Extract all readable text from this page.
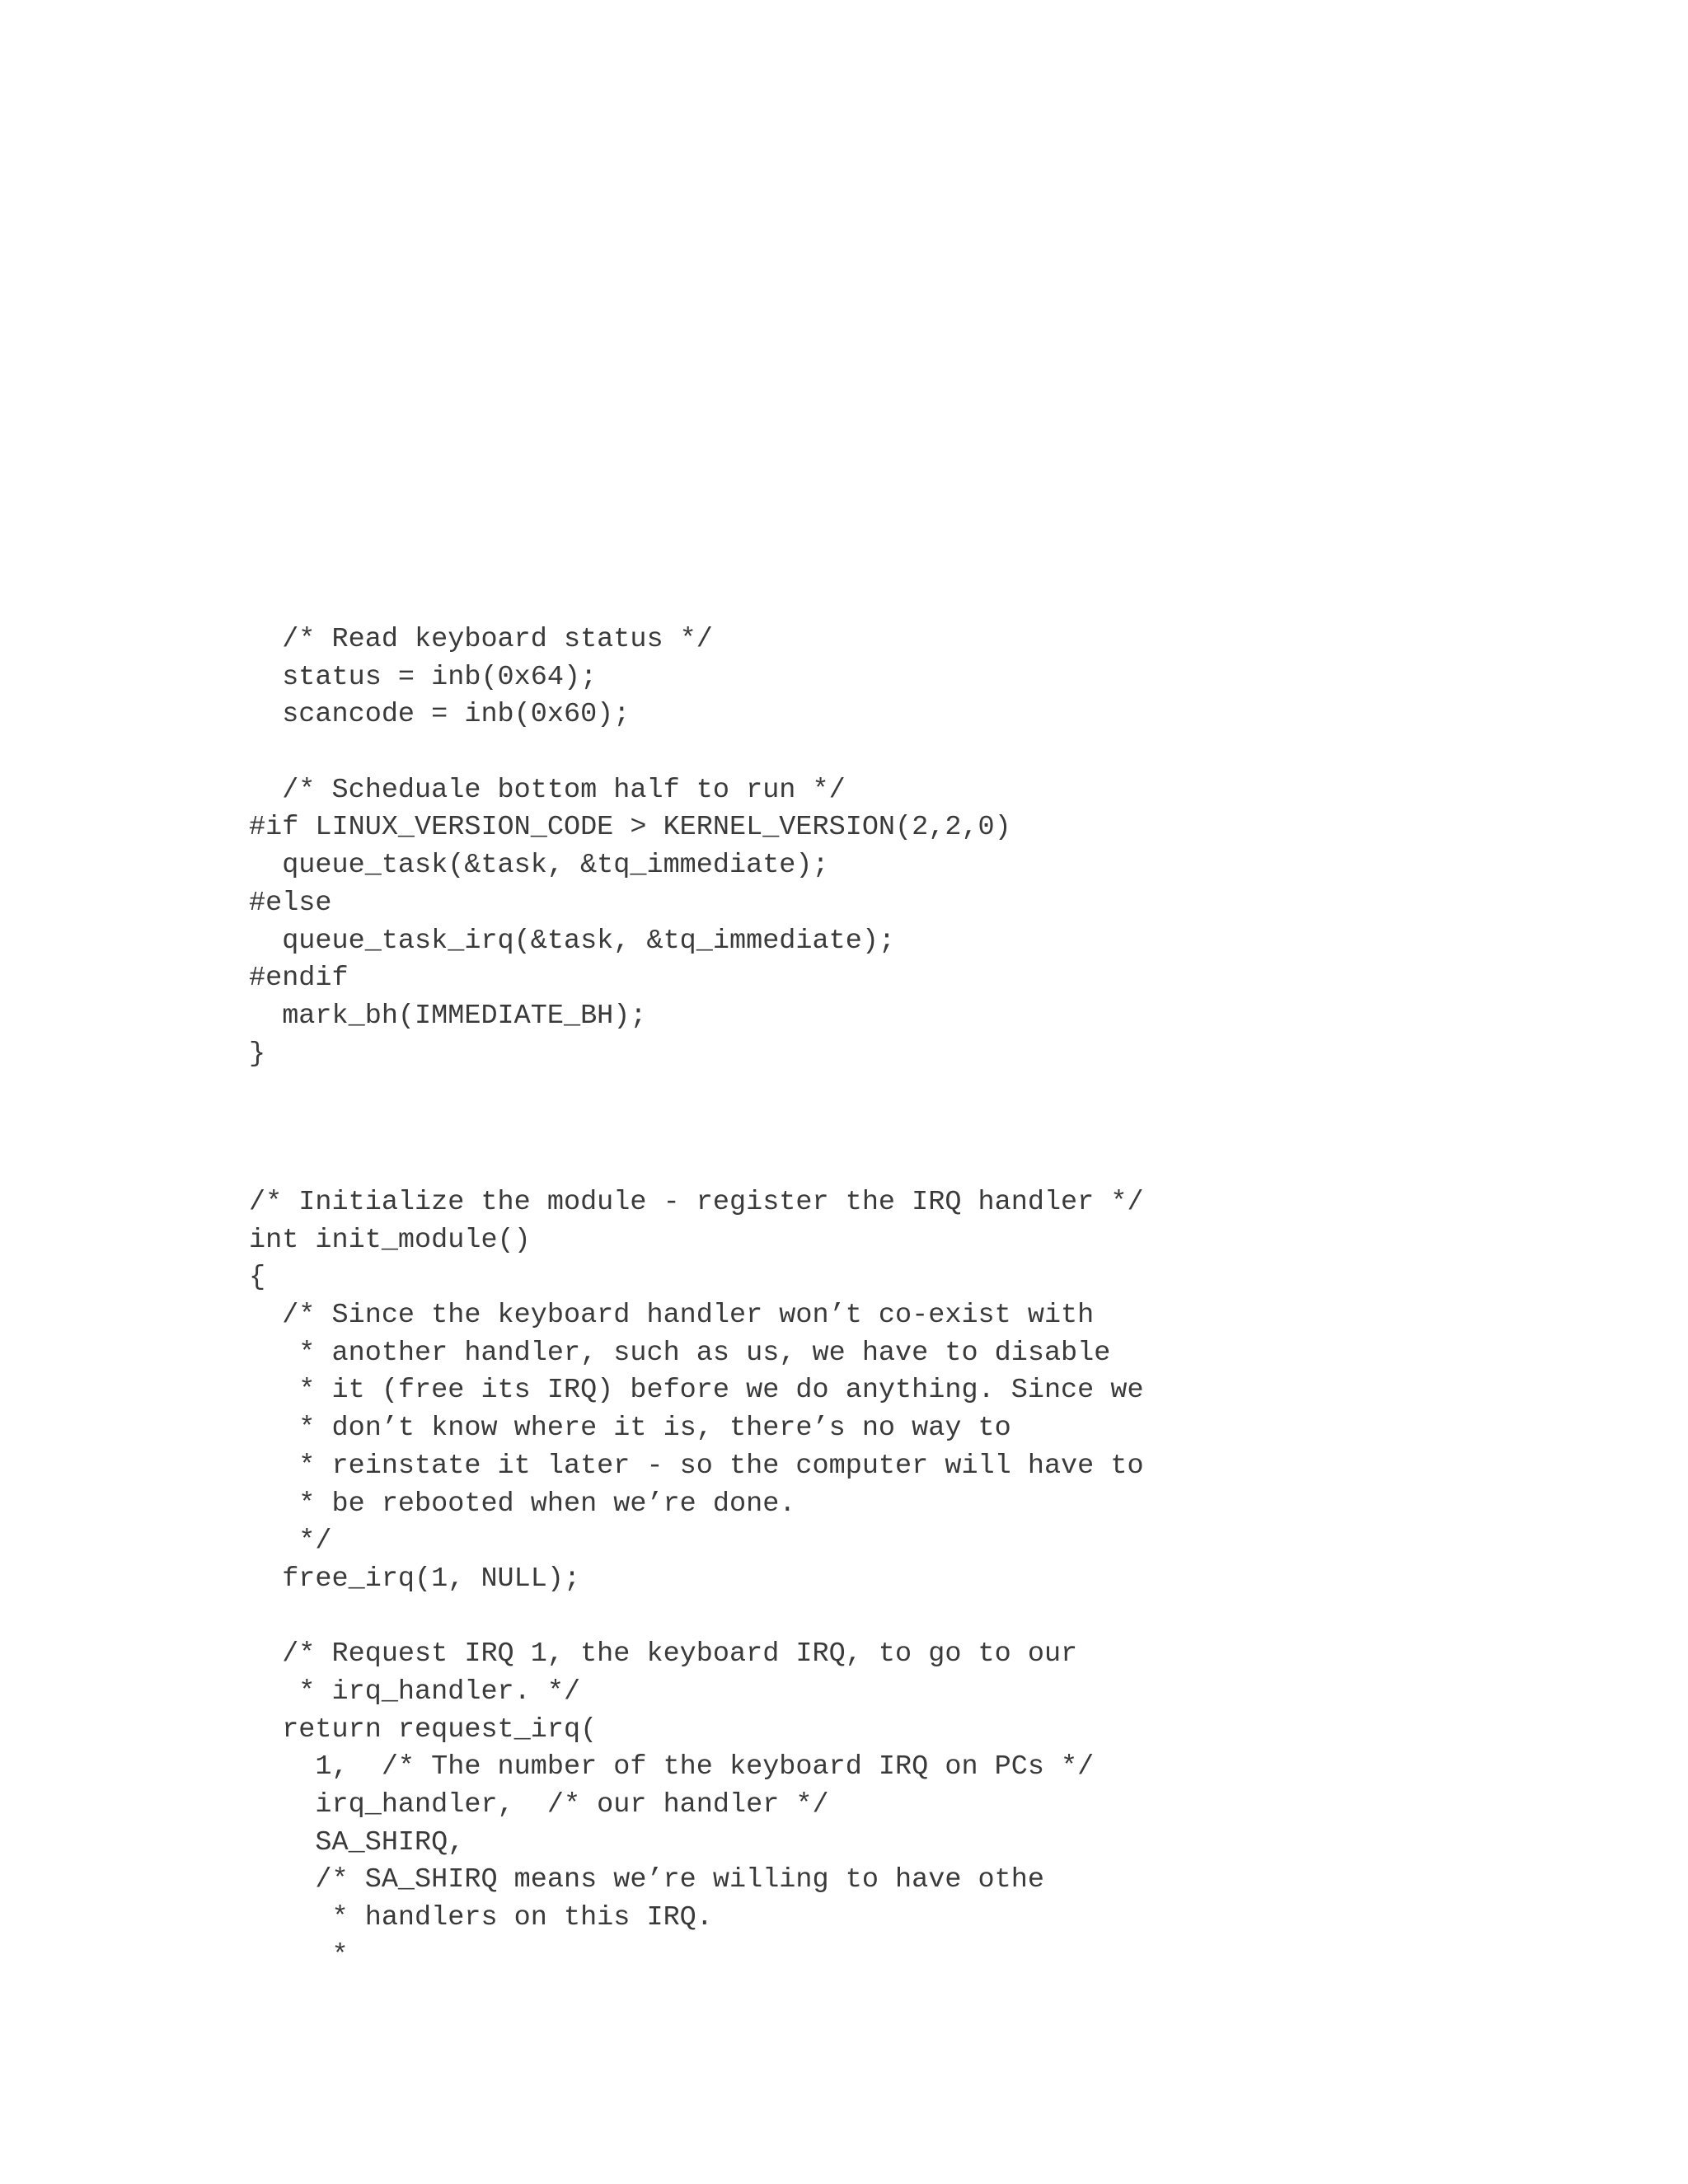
/* Read keyboard status */
status = inb(0x64);
scancode = inb(0x60);
/* Scheduale bottom half to run */
#if LINUX_VERSION_CODE > KERNEL_VERSION(2,2,0)
queue_task(&task, &tq_immediate);
#else
queue_task_irq(&task, &tq_immediate);
#endif
mark_bh(IMMEDIATE_BH);
}
/* Initialize the module - register the IRQ handler */
int init_module()
{
/* Since the keyboard handler won’t co-exist with
* another handler, such as us, we have to disable
* it (free its IRQ) before we do anything. Since we
* don’t know where it is, there’s no way to
* reinstate it later - so the computer will have to
* be rebooted when we’re done.
*/
free_irq(1, NULL);
/* Request IRQ 1, the keyboard IRQ, to go to our
* irq_handler. */
return request_irq(
1,  /* The number of the keyboard IRQ on PCs */
irq_handler,  /* our handler */
SA_SHIRQ,
/* SA_SHIRQ means we’re willing to have othe
* handlers on this IRQ.
*
